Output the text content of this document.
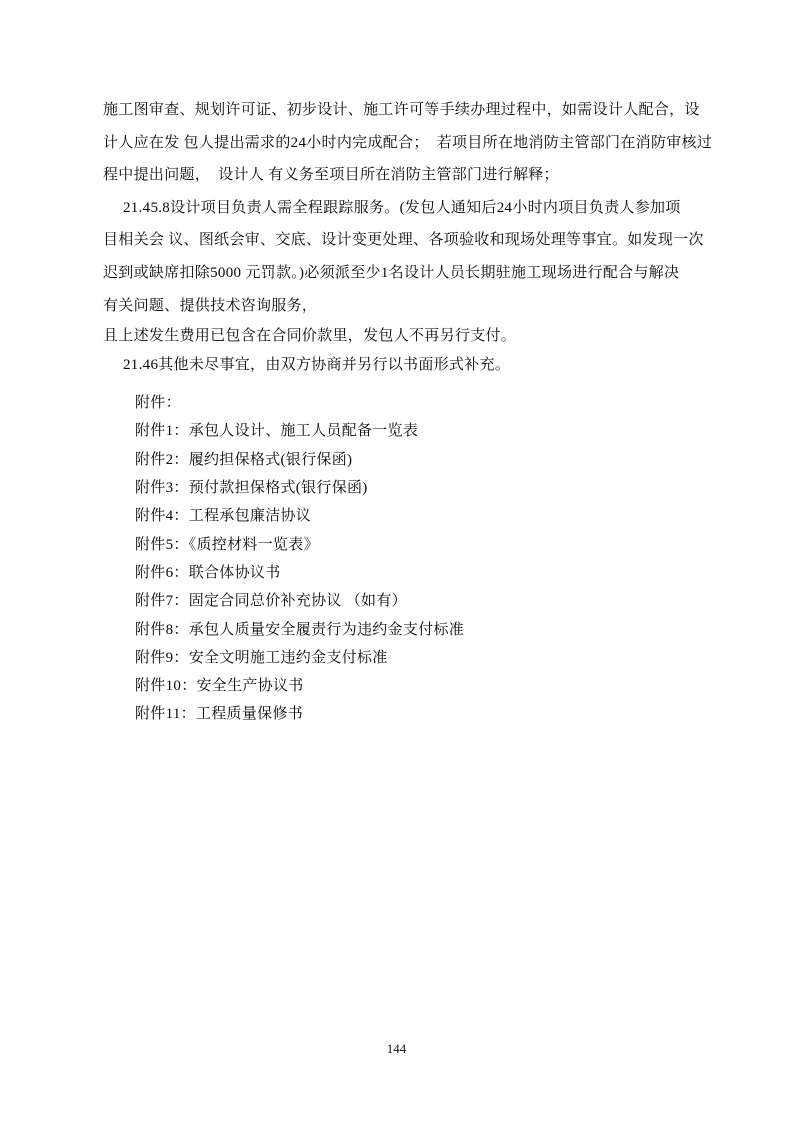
施工图审查、规划许可证、初步设计、施工许可等手续办理过程中，如需设计人配合，设
计人应在发 包人提出需求的24小时内完成配合；  若项目所在地消防主管部门在消防审核过
程中提出问题，  设计人 有义务至项目所在消防主管部门进行解释；
21.45.8设计项目负责人需全程跟踪服务。(发包人通知后24小时内项目负责人参加项
目相关会 议、图纸会审、交底、设计变更处理、各项验收和现场处理等事宜。如发现一次
迟到或缺席扣除5000 元罚款。)必须派至少1名设计人员长期驻施工现场进行配合与解决
有关问题、提供技术咨询服务，
且上述发生费用已包含在合同价款里，发包人不再另行支付。
21.46其他未尽事宜，由双方协商并另行以书面形式补充。
附件：
附件1：承包人设计、施工人员配备一览表
附件2：履约担保格式(银行保函)
附件3：预付款担保格式(银行保函)
附件4：工程承包廉洁协议
附件5：《质控材料一览表》
附件6：联合体协议书
附件7：固定合同总价补充协议 （如有）
附件8：承包人质量安全履责行为违约金支付标准
附件9：安全文明施工违约金支付标准
附件10：安全生产协议书
附件11：工程质量保修书
144
